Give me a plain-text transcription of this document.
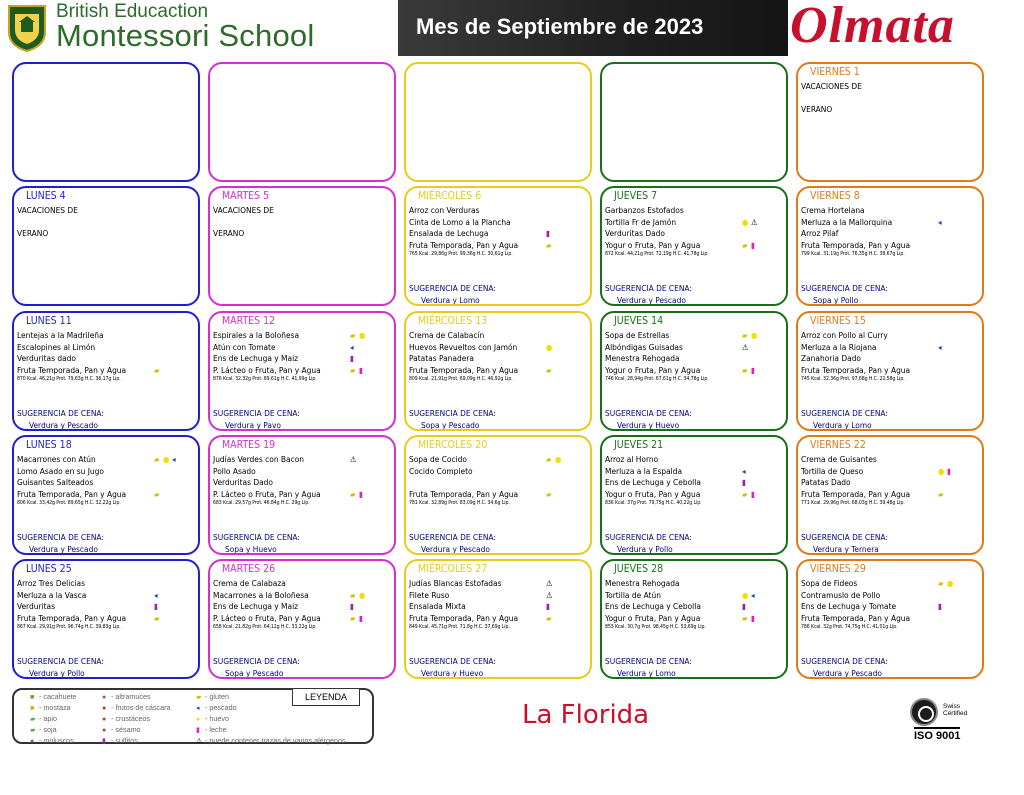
British Educaction
Montessori School	Mes de Septiembre de 2023 Olmata
VIERNES 1
VACACIONES DE
VERANO
LUNES 4
VACACIONES DE
VERANO
MARTES 5
VACACIONES DE
VERANO
MIÉRCOLES 6
Arroz con Verduras
Cinta de Lomo a la Plancha
Ensalada de Lechuga	▮
Fruta Temporada, Pan y Agua	▰
765 Kcal. 29,86g Prot. 99,36g H.C. 30,61g Lip.
SUGERENCIA DE CENA:
Verdura y Lomo
JUEVES 7
Garbanzos Estofados
Tortilla Fr de Jamón	● ⚠
Verduritas Dado
Yogur o Fruta, Pan y Agua	▰ ▮
872 Kcal. 44,21g Prot. 72,19g H.C. 41,78g Lip.
SUGERENCIA DE CENA:
Verdura y Pescado
VIERNES 8
Crema Hortelana
Merluza a la Mallorquina	◂
Arroz Pilaf
Fruta Temporada, Pan y Agua
799 Kcal. 31,19g Prot. 76,35g H.C. 38,67g Lip.
SUGERENCIA DE CENA:
Sopa y Pollo
LUNES 11
Lentejas a la Madrileña
Escalopines al Limón
Verduritas dado
Fruta Temporada, Pan y Agua	▰
870 Kcal. 46,21g Prot. 79,63g H.C. 36,17g Lip.
SUGERENCIA DE CENA:
Verdura y Pescado
MARTES 12
Espirales a la Boloñesa	▰ ●
Atún con Tomate	◂
Ens de Lechuga y Maiz	▮
P. Lácteo o Fruta, Pan y Agua	▰ ▮
876 Kcal. 32,32g Prot. 89,61g H.C. 41,99g Lip.
SUGERENCIA DE CENA:
Verdura y Pavo
MIÉRCOLES 13
Crema de Calabacín
Huevos Revueltos con Jamón	●
Patatas Panadera
Fruta Temporada, Pan y Agua	▰
809 Kcal. 21,91g Prot. 69,09g H.C. 46,92g Lip.
SUGERENCIA DE CENA:
Sopa y Pescado
JUEVES 14
Sopa de Estrellas	▰ ●
Albóndigas Guisadas	⚠
Menestra Rehogada
Yogur o Fruta, Pan y Agua	▰ ▮
746 Kcal. 28,94g Prot. 67,61g H.C. 34,78g Lip.
SUGERENCIA DE CENA:
Verdura y Huevo
VIERNES 15
Arroz con Pollo al Curry
Merluza a la Riojana	◂
Zanahoria Dado
Fruta Temporada, Pan y Agua
745 Kcal. 32,36g Prot. 97,68g H.C. 22,58g Lip.
SUGERENCIA DE CENA:
Verdura y Lomo
LUNES 18
Macarrones con Atún	▰ ● ◂
Lomo Asado en su Jugo
Guisantes Salteados
Fruta Temporada, Pan y Agua	▰
806 Kcal. 33,42g Prot. 89,65g H.C. 32,22g Lip.
SUGERENCIA DE CENA:
Verdura y Pescado
MARTES 19
Judías Verdes con Bacon	⚠
Pollo Asado
Verduritas Dado
P. Lácteo o Fruta, Pan y Agua	▰ ▮
683 Kcal. 29,57g Prot. 46,84g H.C. 29g Lip.
SUGERENCIA DE CENA:
Sopa y Huevo
MIÉRCOLES 20
Sopa de Cocido	▰ ●
Cocido Completo
Fruta Temporada, Pan y Agua	▰
781 Kcal. 32,89g Prot. 83,09g H.C. 34,6g Lip.
SUGERENCIA DE CENA:
Verdura y Pescado
JUEVES 21
Arroz al Horno
Merluza a la Espalda	◂
Ens de Lechuga y Cebolla	▮
Yogur o Fruta, Pan y Agua	▰ ▮
836 Kcal. 37g Prot. 79,75g H.C. 40,22g Lip.
SUGERENCIA DE CENA:
Verdura y Pollo
VIERNES 22
Crema de Guisantes
Tortilla de Queso	● ▮
Patatas Dado
Fruta Temporada, Pan y Agua	▰
771 Kcal. 29,96g Prot. 68,03g H.C. 39,48g Lip.
SUGERENCIA DE CENA:
Verdura y Ternera
LUNES 25
Arroz Tres Delicias
Merluza a la Vasca	◂
Verduritas	▮
Fruta Temporada, Pan y Agua	▰
867 Kcal. 29,91g Prot. 96,74g H.C. 39,83g Lip.
SUGERENCIA DE CENA:
Verdura y Pollo
MARTES 26
Crema de Calabaza
Macarrones a la Boloñesa	▰ ●
Ens de Lechuga y Maiz	▮
P. Lácteo o Fruta, Pan y Agua	▰ ▮
658 Kcal. 21,82g Prot. 64,12g H.C. 33,22g Lip.
SUGERENCIA DE CENA:
Sopa y Pescado
MIÉRCOLES 27
Judías Blancas Estofadas	⚠
Filete Ruso	⚠
Ensalada Mixta	▮
Fruta Temporada, Pan y Agua	▰
849 Kcal. 45,71g Prot. 71,8g H.C. 37,69g Lip.
SUGERENCIA DE CENA:
Verdura y Huevo
JUEVES 28
Menestra Rehogada
Tortilla de Atún	● ◂
Ens de Lechuga y Cebolla	▮
Yogur o Fruta, Pan y Agua	▰ ▮
853 Kcal. 30,7g Prot. 98,45g H.C. 53,69g Lip.
SUGERENCIA DE CENA:
Verdura y Lomo
VIERNES 29
Sopa de Fideos	▰ ●
Contramuslo de Pollo
Ens de Lechuga y Tomate	▮
Fruta Temporada, Pan y Agua
786 Kcal. 32g Prot. 74,75g H.C. 41,01g Lip.
SUGERENCIA DE CENA:
Verdura y Pescado
LEYENDA
■ - cacahuete
■ - mostaza
▰ - apio
▰ - soja
● - moluscos
● - altramuces
● - frutos de cáscara
● - crustáceos
● - sésamo
▮ - sulfitos
▰ - gluten
◂ - pescado
● - huevo
▮ - leche
⚠ - puede contener trazas de varios alérgenos
La Florida	Swiss
Certified
ISO 9001
